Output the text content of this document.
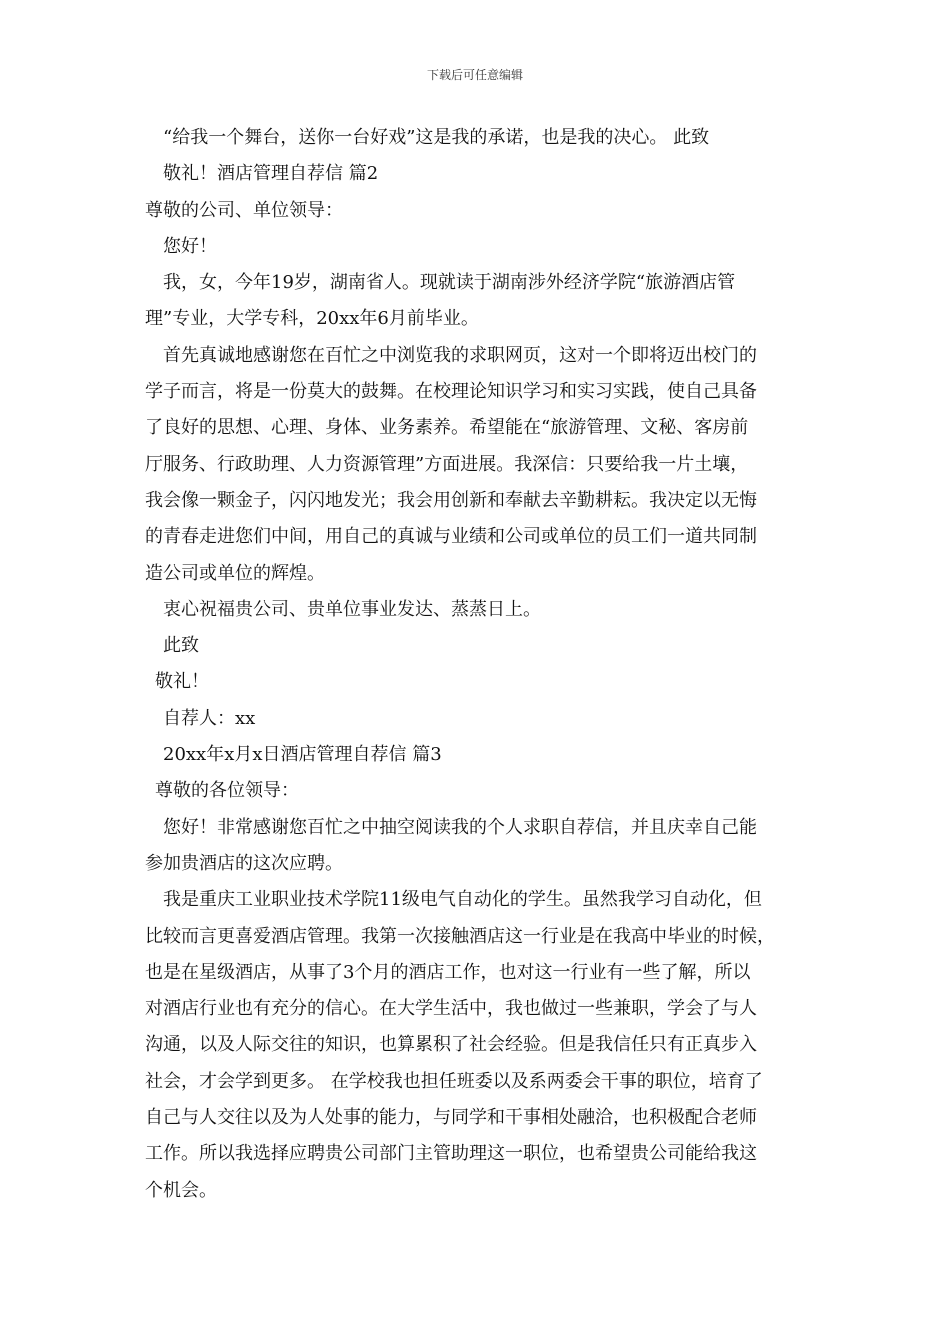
下载后可任意编辑
“给我一个舞台，送你一台好戏”这是我的承诺，也是我的决心。 此致
敬礼！酒店管理自荐信 篇2
尊敬的公司、单位领导：
您好！
我，女，今年19岁，湖南省人。现就读于湖南涉外经济学院“旅游酒店管
理”专业，大学专科，20xx年6月前毕业。
首先真诚地感谢您在百忙之中浏览我的求职网页，这对一个即将迈出校门的
学子而言，将是一份莫大的鼓舞。在校理论知识学习和实习实践，使自己具备
了良好的思想、心理、身体、业务素养。希望能在“旅游管理、文秘、客房前
厅服务、行政助理、人力资源管理”方面进展。我深信：只要给我一片土壤，
我会像一颗金子，闪闪地发光；我会用创新和奉献去辛勤耕耘。我决定以无悔
的青春走进您们中间，用自己的真诚与业绩和公司或单位的员工们一道共同制
造公司或单位的辉煌。
衷心祝福贵公司、贵单位事业发达、蒸蒸日上。
此致
敬礼！
自荐人：xx
20xx年x月x日酒店管理自荐信 篇3
尊敬的各位领导：
您好！非常感谢您百忙之中抽空阅读我的个人求职自荐信，并且庆幸自己能
参加贵酒店的这次应聘。
我是重庆工业职业技术学院11级电气自动化的学生。虽然我学习自动化，但
比较而言更喜爱酒店管理。我第一次接触酒店这一行业是在我高中毕业的时候，
也是在星级酒店，从事了3个月的酒店工作，也对这一行业有一些了解，所以
对酒店行业也有充分的信心。在大学生活中，我也做过一些兼职，学会了与人
沟通，以及人际交往的知识，也算累积了社会经验。但是我信任只有正真步入
社会，才会学到更多。 在学校我也担任班委以及系两委会干事的职位，培育了
自己与人交往以及为人处事的能力，与同学和干事相处融洽，也积极配合老师
工作。所以我选择应聘贵公司部门主管助理这一职位，也希望贵公司能给我这
个机会。
